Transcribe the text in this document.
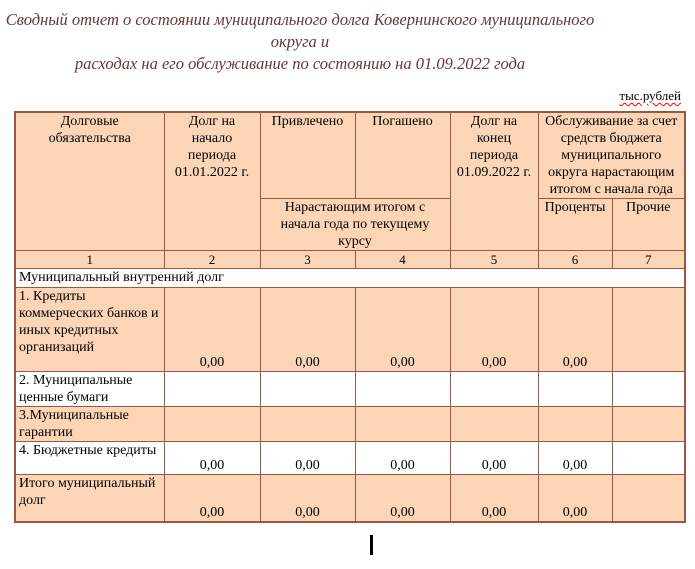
Сводный отчет о состоянии муниципального долга Ковернинского муниципального округа и
расходах на его обслуживание по состоянию на 01.09.2022 года
тыс.рублей
Долговые обязательства	Долг на начало периода 01.01.2022 г.	Привлечено	Погашено	Долг на конец периода 01.09.2022 г.	Обслуживание за счет средств бюджета муниципального округа нарастающим итогом с начала года	
		Нарастающим итогом с начала года по текущему курсу			Проценты	Прочие
1	2	3	4	5	6	7
Муниципальный внутренний долг						
1. Кредиты коммерческих банков и иных кредитных организаций	0,00	0,00	0,00	0,00	0,00	
2. Муниципальные ценные бумаги						
3.Муниципальные гарантии						
4. Бюджетные кредиты	0,00	0,00	0,00	0,00	0,00	
Итого муниципальный долг	0,00	0,00	0,00	0,00	0,00	
